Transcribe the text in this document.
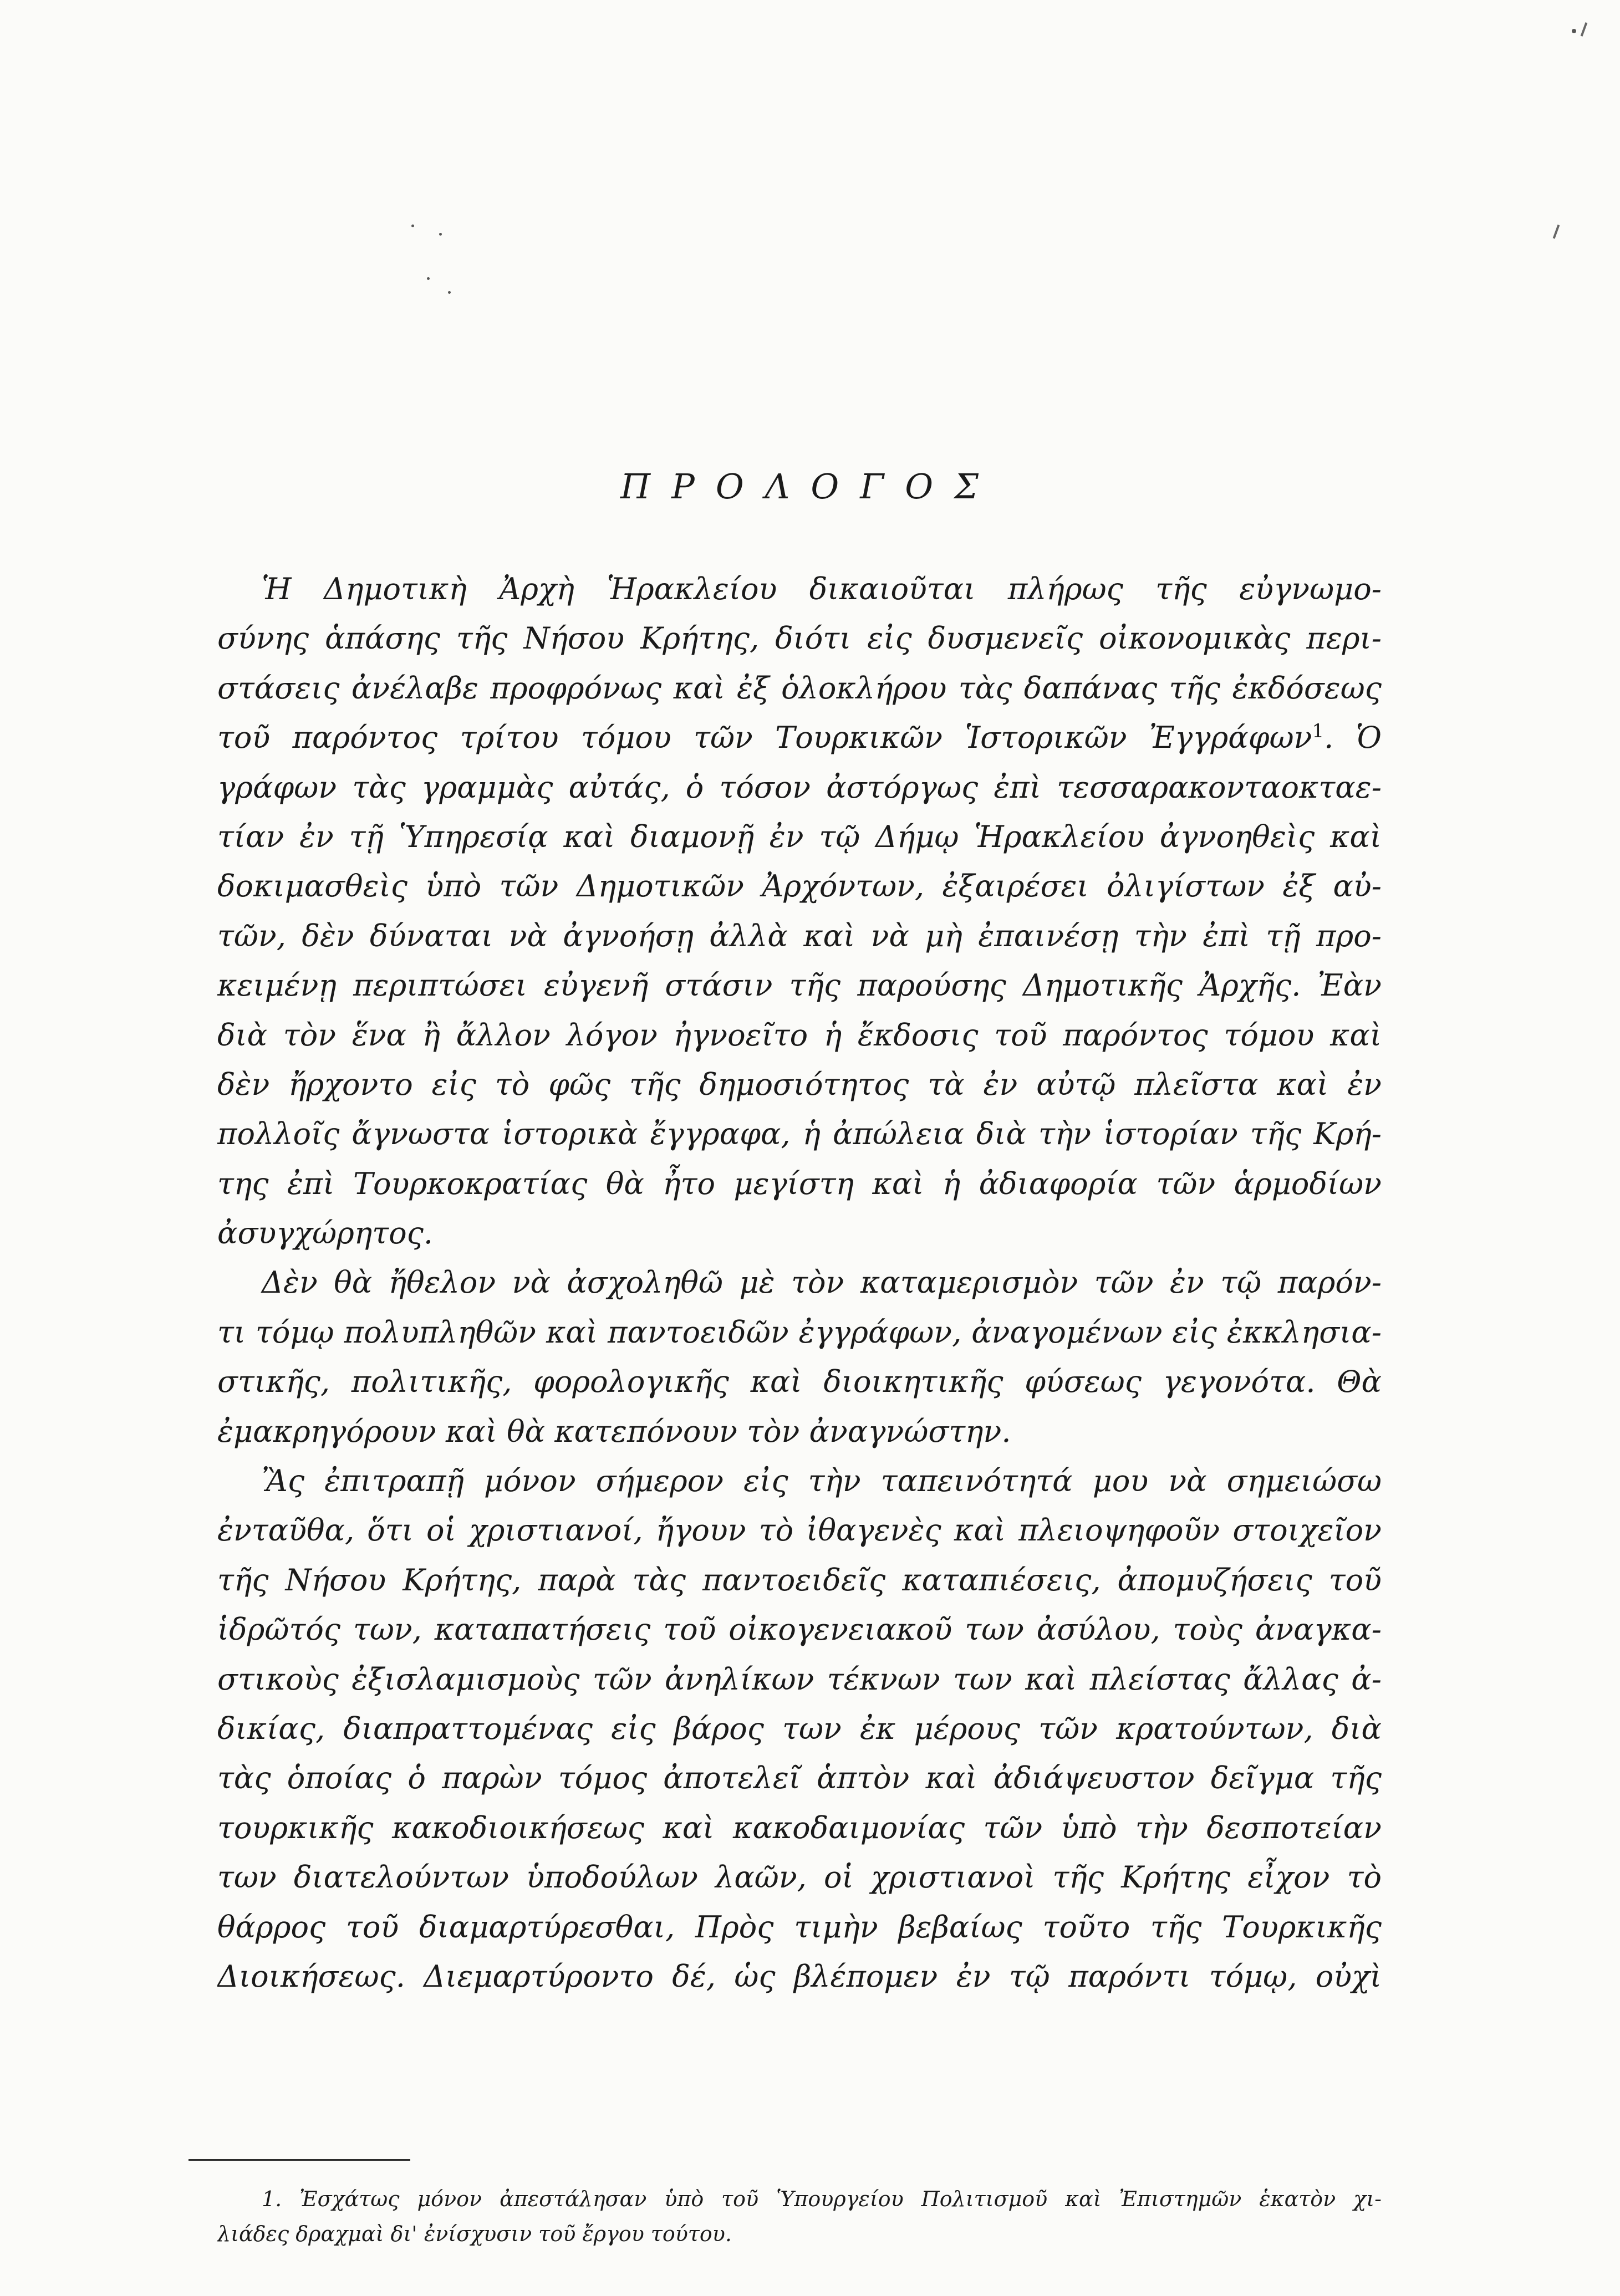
ΠΡΟΛΟΓΟΣ
Ἡ Δημοτικὴ Ἀρχὴ Ἡρακλείου δικαιοῦται πλήρως τῆς εὐγνωμο-
σύνης ἁπάσης τῆς Νήσου Κρήτης, διότι εἰς δυσμενεῖς οἰκονομικὰς περι-
στάσεις ἀνέλαβε προφρόνως καὶ ἐξ ὁλοκλήρου τὰς δαπάνας τῆς ἐκδόσεως
τοῦ παρόντος τρίτου τόμου τῶν Τουρκικῶν Ἱστορικῶν Ἐγγράφων$^1$. Ὁ
γράφων τὰς γραμμὰς αὐτάς, ὁ τόσον ἀστόργως ἐπὶ τεσσαρακονταοκταε-
τίαν ἐν τῇ Ὑπηρεσίᾳ καὶ διαμονῇ ἐν τῷ Δήμῳ Ἡρακλείου ἀγνοηθεὶς καὶ
δοκιμασθεὶς ὑπὸ τῶν Δημοτικῶν Ἀρχόντων, ἐξαιρέσει ὀλιγίστων ἐξ αὐ-
τῶν, δὲν δύναται νὰ ἀγνοήσῃ ἀλλὰ καὶ νὰ μὴ ἐπαινέσῃ τὴν ἐπὶ τῇ προ-
κειμένῃ περιπτώσει εὐγενῆ στάσιν τῆς παρούσης Δημοτικῆς Ἀρχῆς. Ἐὰν
διὰ τὸν ἕνα ἢ ἄλλον λόγον ἠγνοεῖτο ἡ ἔκδοσις τοῦ παρόντος τόμου καὶ
δὲν ἤρχοντο εἰς τὸ φῶς τῆς δημοσιότητος τὰ ἐν αὐτῷ πλεῖστα καὶ ἐν
πολλοῖς ἄγνωστα ἱστορικὰ ἔγγραφα, ἡ ἀπώλεια διὰ τὴν ἱστορίαν τῆς Κρή-
της ἐπὶ Τουρκοκρατίας θὰ ἦτο μεγίστη καὶ ἡ ἀδιαφορία τῶν ἁρμοδίων
ἀσυγχώρητος.
Δὲν θὰ ἤθελον νὰ ἀσχοληθῶ μὲ τὸν καταμερισμὸν τῶν ἐν τῷ παρόν-
τι τόμῳ πολυπληθῶν καὶ παντοειδῶν ἐγγράφων, ἀναγομένων εἰς ἐκκλησια-
στικῆς, πολιτικῆς, φορολογικῆς καὶ διοικητικῆς φύσεως γεγονότα. Θὰ
ἐμακρηγόρουν καὶ θὰ κατεπόνουν τὸν ἀναγνώστην.
Ἂς ἐπιτραπῇ μόνον σήμερον εἰς τὴν ταπεινότητά μου νὰ σημειώσω
ἐνταῦθα, ὅτι οἱ χριστιανοί, ἤγουν τὸ ἰθαγενὲς καὶ πλειοψηφοῦν στοιχεῖον
τῆς Νήσου Κρήτης, παρὰ τὰς παντοειδεῖς καταπιέσεις, ἀπομυζήσεις τοῦ
ἱδρῶτός των, καταπατήσεις τοῦ οἰκογενειακοῦ των ἀσύλου, τοὺς ἀναγκα-
στικοὺς ἐξισλαμισμοὺς τῶν ἀνηλίκων τέκνων των καὶ πλείστας ἄλλας ἀ-
δικίας, διαπραττομένας εἰς βάρος των ἐκ μέρους τῶν κρατούντων, διὰ
τὰς ὁποίας ὁ παρὼν τόμος ἀποτελεῖ ἁπτὸν καὶ ἀδιάψευστον δεῖγμα τῆς
τουρκικῆς κακοδιοικήσεως καὶ κακοδαιμονίας τῶν ὑπὸ τὴν δεσποτείαν
των διατελούντων ὑποδούλων λαῶν, οἱ χριστιανοὶ τῆς Κρήτης εἶχον τὸ
θάρρος τοῦ διαμαρτύρεσθαι, Πρὸς τιμὴν βεβαίως τοῦτο τῆς Τουρκικῆς
Διοικήσεως. Διεμαρτύροντο δέ, ὡς βλέπομεν ἐν τῷ παρόντι τόμῳ, οὐχὶ
1. Ἐσχάτως μόνον ἀπεστάλησαν ὑπὸ τοῦ Ὑπουργείου Πολιτισμοῦ καὶ Ἐπιστημῶν ἑκατὸν χι-
λιάδες δραχμαὶ δι' ἐνίσχυσιν τοῦ ἔργου τούτου.
